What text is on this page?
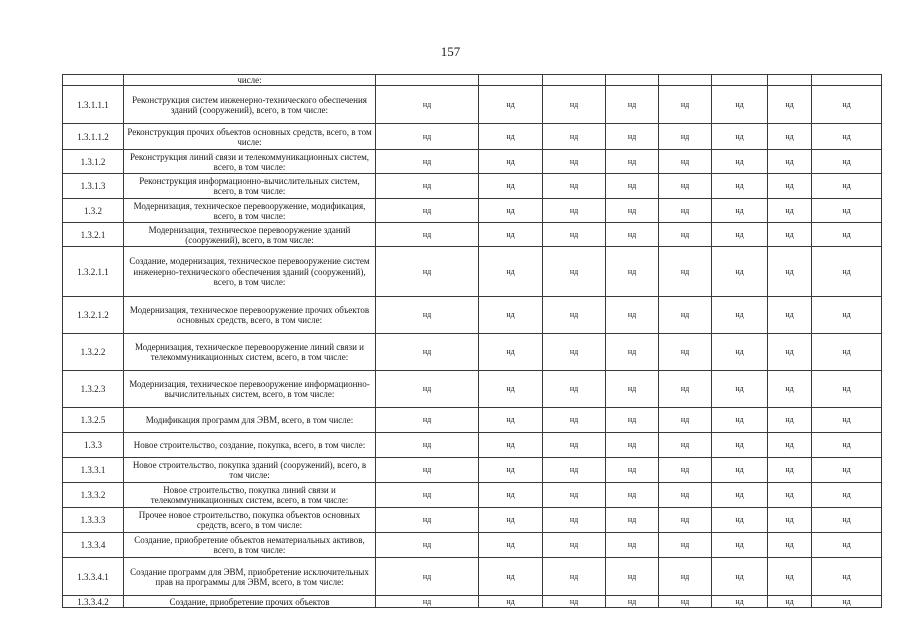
157
	числе:								
1.3.1.1.1	Реконструкция систем инженерно-технического обеспечения зданий (сооружений), всего, в том числе:	нд	нд	нд	нд	нд	нд	нд	нд
1.3.1.1.2	Реконструкция прочих объектов основных средств, всего, в том числе:	нд	нд	нд	нд	нд	нд	нд	нд
1.3.1.2	Реконструкция линий связи и телекоммуникационных систем, всего, в том числе:	нд	нд	нд	нд	нд	нд	нд	нд
1.3.1.3	Реконструкция информационно-вычислительных систем, всего, в том числе:	нд	нд	нд	нд	нд	нд	нд	нд
1.3.2	Модернизация, техническое перевооружение, модификация, всего, в том числе:	нд	нд	нд	нд	нд	нд	нд	нд
1.3.2.1	Модернизация, техническое перевооружение зданий (сооружений), всего, в том числе:	нд	нд	нд	нд	нд	нд	нд	нд
1.3.2.1.1	Создание, модернизация, техническое перевооружение систем инженерно-технического обеспечения зданий (сооружений), всего, в том числе:	нд	нд	нд	нд	нд	нд	нд	нд
1.3.2.1.2	Модернизация, техническое перевооружение прочих объектов основных средств, всего, в том числе:	нд	нд	нд	нд	нд	нд	нд	нд
1.3.2.2	Модернизация, техническое перевооружение линий связи и телекоммуникационных систем, всего, в том числе:	нд	нд	нд	нд	нд	нд	нд	нд
1.3.2.3	Модернизация, техническое перевооружение информационно-вычислительных систем, всего, в том числе:	нд	нд	нд	нд	нд	нд	нд	нд
1.3.2.5	Модификация программ для ЭВМ, всего, в том числе:	нд	нд	нд	нд	нд	нд	нд	нд
1.3.3	Новое строительство, создание, покупка, всего, в том числе:	нд	нд	нд	нд	нд	нд	нд	нд
1.3.3.1	Новое строительство, покупка зданий (сооружений), всего, в том числе:	нд	нд	нд	нд	нд	нд	нд	нд
1.3.3.2	Новое строительство, покупка линий связи и телекоммуникационных систем, всего, в том числе:	нд	нд	нд	нд	нд	нд	нд	нд
1.3.3.3	Прочее новое строительство, покупка объектов основных средств, всего, в том числе:	нд	нд	нд	нд	нд	нд	нд	нд
1.3.3.4	Создание, приобретение объектов нематериальных активов, всего, в том числе:	нд	нд	нд	нд	нд	нд	нд	нд
1.3.3.4.1	Создание программ для ЭВМ, приобретение исключительных прав на программы для ЭВМ, всего, в том числе:	нд	нд	нд	нд	нд	нд	нд	нд
1.3.3.4.2	Создание, приобретение прочих объектов	нд	нд	нд	нд	нд	нд	нд	нд
